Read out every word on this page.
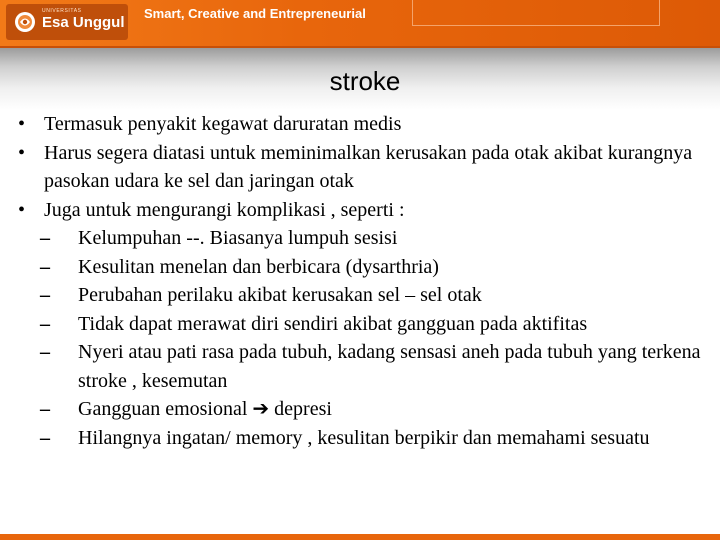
UNIVERSITAS
Esa Unggul
Smart, Creative and Entrepreneurial
stroke
• Termasuk penyakit kegawat daruratan medis
• Harus segera diatasi untuk meminimalkan kerusakan pada otak akibat kurangnya pasokan udara ke sel dan jaringan otak
• Juga untuk mengurangi komplikasi , seperti :
– Kelumpuhan --. Biasanya lumpuh sesisi
– Kesulitan menelan dan berbicara (dysarthria)
– Perubahan perilaku akibat kerusakan sel – sel otak
– Tidak dapat merawat diri sendiri akibat gangguan pada aktifitas
– Nyeri atau pati rasa pada tubuh, kadang sensasi aneh pada tubuh yang terkena stroke , kesemutan
– Gangguan emosional ➔ depresi
– Hilangnya ingatan/ memory , kesulitan berpikir dan memahami sesuatu
